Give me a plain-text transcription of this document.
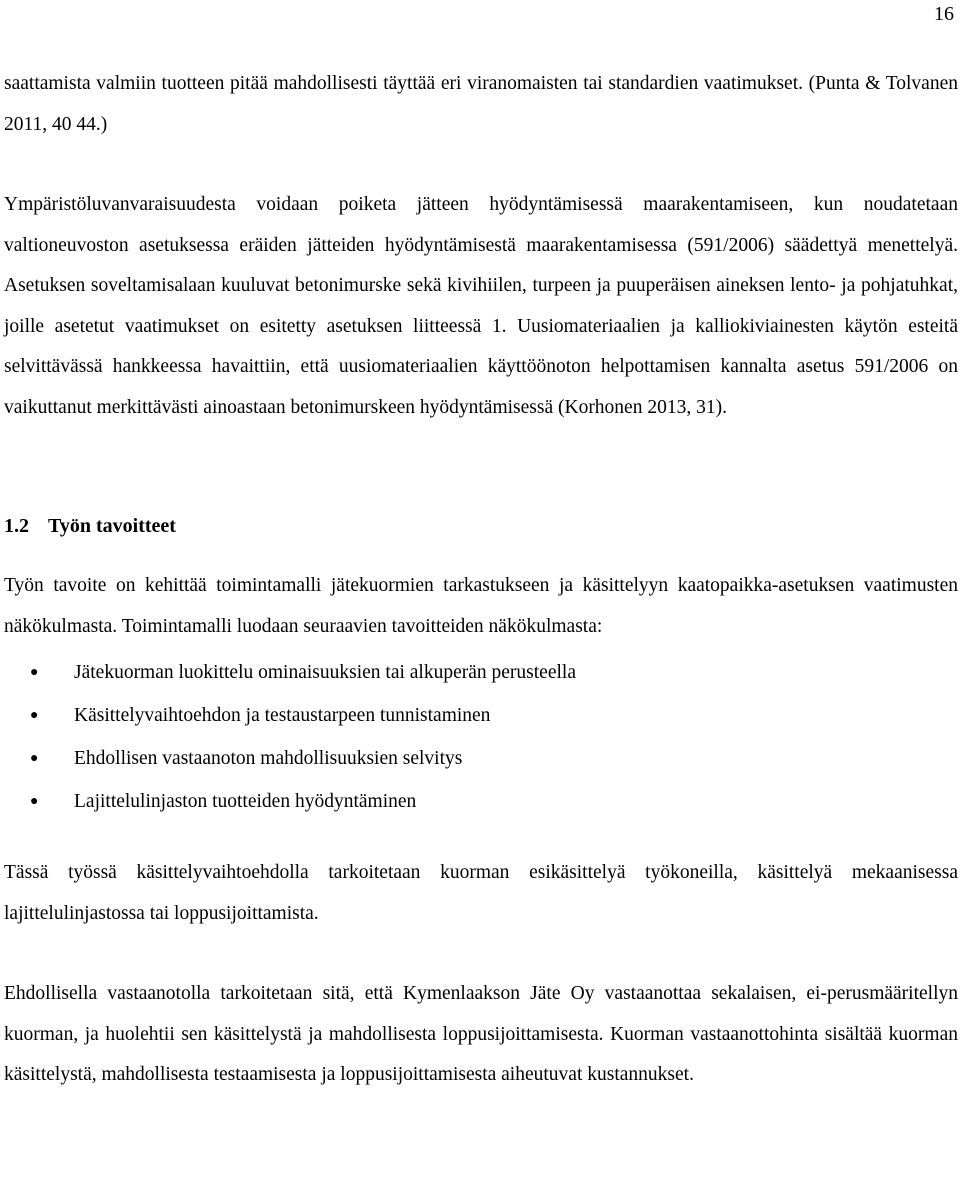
16

saattamista valmiin tuotteen pitää mahdollisesti täyttää eri viranomaisten tai standardien vaatimukset. (Punta & Tolvanen 2011, 40 44.)

Ympäristöluvanvaraisuudesta voidaan poiketa jätteen hyödyntämisessä maarakentamiseen, kun noudatetaan valtioneuvoston asetuksessa eräiden jätteiden hyödyntämisestä maarakentamisessa (591/2006) säädettyä menettelyä. Asetuksen soveltamisalaan kuuluvat betonimurske sekä kivihiilen, turpeen ja puuperäisen aineksen lento- ja pohjatuhkat, joille asetetut vaatimukset on esitetty asetuksen liitteessä 1. Uusiomateriaalien ja kalliokiviainesten käytön esteitä selvittävässä hankkeessa havaittiin, että uusiomateriaalien käyttöönoton helpottamisen kannalta asetus 591/2006 on vaikuttanut merkittävästi ainoastaan betonimurskeen hyödyntämisessä (Korhonen 2013, 31).

1.2 Työn tavoitteet

Työn tavoite on kehittää toimintamalli jätekuormien tarkastukseen ja käsittelyyn kaatopaikka-asetuksen vaatimusten näkökulmasta. Toimintamalli luodaan seuraavien tavoitteiden näkökulmasta:

● Jätekuorman luokittelu ominaisuuksien tai alkuperän perusteella
● Käsittelyvaihtoehdon ja testaustarpeen tunnistaminen
● Ehdollisen vastaanoton mahdollisuuksien selvitys
● Lajittelulinjaston tuotteiden hyödyntäminen

Tässä työssä käsittelyvaihtoehdolla tarkoitetaan kuorman esikäsittelyä työkoneilla, käsittelyä mekaanisessa lajittelulinjastossa tai loppusijoittamista.

Ehdollisella vastaanotolla tarkoitetaan sitä, että Kymenlaakson Jäte Oy vastaanottaa sekalaisen, ei-perusmääritellyn kuorman, ja huolehtii sen käsittelystä ja mahdollisesta loppusijoittamisesta. Kuorman vastaanottohinta sisältää kuorman käsittelystä, mahdollisesta testaamisesta ja loppusijoittamisesta aiheutuvat kustannukset.
